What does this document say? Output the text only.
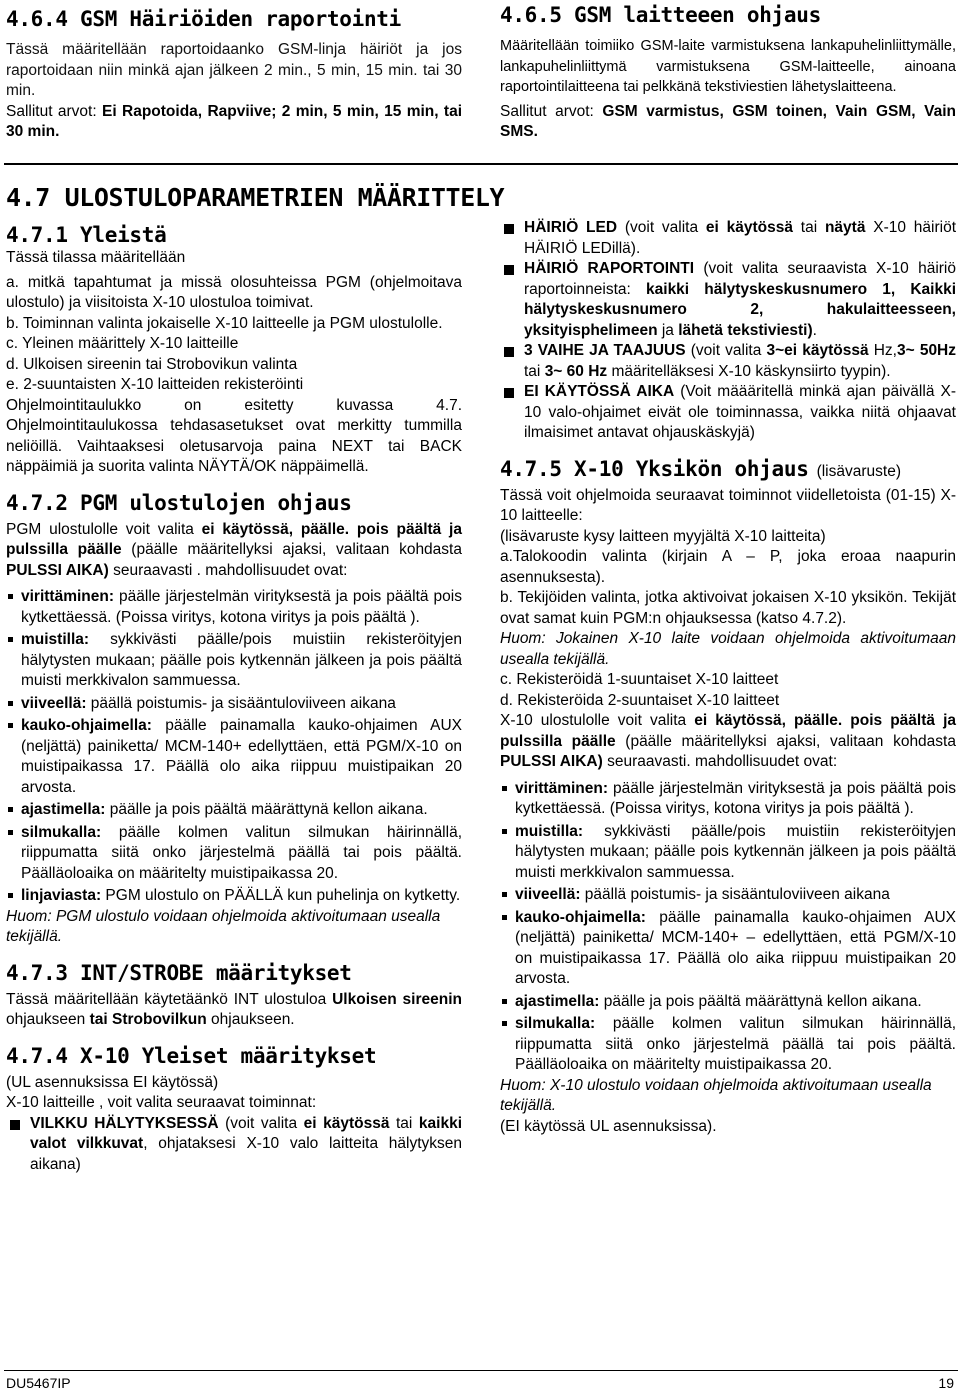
4.6.4 GSM Häiriöiden raportointi

Tässä määritellään raportoidaanko GSM-linja häiriöt ja jos raportoidaan niin minkä ajan jälkeen 2 min., 5 min, 15 min. tai 30 min.

Sallitut arvot: Ei Rapotoida, Rapviive; 2 min, 5 min, 15 min, tai 30 min.

4.6.5 GSM laitteeen ohjaus

Määritellään toimiiko GSM-laite varmistuksena lankapuhelinliittymälle, lankapuhelinliittymä varmistuksena GSM-laitteelle, ainoana raportointilaitteena tai pelkkänä tekstiviestien lähetyslaitteena.

Sallitut arvot: GSM varmistus, GSM toinen, Vain GSM, Vain SMS.

4.7 ULOSTULOPARAMETRIEN MÄÄRITTELY
4.7.1 Yleistä

Tässä tilassa määritellään

a. mitkä tapahtumat ja missä olosuhteissa PGM (ohjelmoitava ulostulo) ja viisitoista X-10 ulostuloa toimivat.

b. Toiminnan valinta jokaiselle X-10 laitteelle ja PGM ulostulolle.

c. Yleinen määrittely X-10 laitteille

d. Ulkoisen sireenin tai Strobovikun valinta

e. 2-suuntaisten X-10 laitteiden rekisteröinti

Ohjelmointitaulukko on esitetty kuvassa 4.7. Ohjelmointitaulukossa tehdasasetukset ovat merkitty tummilla neliöillä. Vaihtaaksesi oletusarvoja paina NEXT tai BACK näppäimiä ja suorita valinta NÄYTÄ/OK näppäimellä.

4.7.2 PGM ulostulojen ohjaus

PGM ulostulolle voit valita ei käytössä, päälle. pois päältä ja pulssilla päälle (päälle määritellyksi ajaksi, valitaan kohdasta PULSSI AIKA) seuraavasti . mahdollisuudet ovat:

virittäminen: päälle järjestelmän virityksestä ja pois päältä pois kytkettäessä. (Poissa viritys, kotona viritys ja pois päältä ).
muistilla: sykkivästi päälle/pois muistiin rekisteröityjen hälytysten mukaan; päälle pois kytkennän jälkeen ja pois päältä muisti merkkivalon sammuessa.
viiveellä: päällä poistumis- ja sisääntuloviiveen aikana
kauko-ohjaimella: päälle painamalla kauko-ohjaimen AUX (neljättä) painiketta/ MCM-140+ edellyttäen, että PGM/X-10 on muistipaikassa 17. Päällä olo aika riippuu muistipaikan 20 arvosta.
ajastimella: päälle ja pois päältä määrättynä kellon aikana.
silmukalla: päälle kolmen valitun silmukan häirinnällä, riippumatta siitä onko järjestelmä päällä tai pois päältä. Päälläoloaika on määritelty muistipaikassa 20.
linjaviasta: PGM ulostulo on PÄÄLLÄ kun puhelinja on kytketty.

Huom: PGM ulostulo voidaan ohjelmoida aktivoitumaan usealla tekijällä.

4.7.3 INT/STROBE määritykset

Tässä määritellään käytetäänkö INT ulostuloa Ulkoisen sireenin ohjaukseen tai Strobovilkun ohjaukseen.

4.7.4 X-10 Yleiset määritykset

(UL asennuksissa EI käytössä)

X-10 laitteille , voit valita seuraavat toiminnat:

VILKKU HÄLYTYKSESSÄ (voit valita ei käytössä tai kaikki valot vilkkuvat, ohjataksesi X-10 valo laitteita hälytyksen aikana)
HÄIRIÖ LED (voit valita ei käytössä tai näytä X-10 häiriöt HÄIRIÖ LEDillä).
HÄIRIÖ RAPORTOINTI (voit valita seuraavista X-10 häiriö raportoinneista: kaikki hälytyskeskusnumero 1, Kaikki hälytyskeskusnumero 2, hakulaitteesseen, yksityisphelimeen ja lähetä tekstiviesti).
3 VAIHE JA TAAJUUS (voit valita 3~ei käytössä Hz,3~ 50Hz tai 3~ 60 Hz määritelläksesi X-10 käskynsiirto tyypin).
EI KÄYTÖSSÄ AIKA (Voit määäritellä minkä ajan päivällä X-10 valo-ohjaimet eivät ole toiminnassa, vaikka niitä ohjaavat ilmaisimet antavat ohjauskäskyjä)
4.7.5 X-10 Yksikön ohjaus (lisävaruste)

Tässä voit ohjelmoida seuraavat toiminnot viidelletoista (01-15) X-10 laitteelle:

(lisävaruste kysy laitteen myyjältä X-10 laitteita)

a.Talokoodin valinta (kirjain A – P, joka eroaa naapurin asennuksesta).

b. Tekijöiden valinta, jotka aktivoivat jokaisen X-10 yksikön. Tekijät ovat samat kuin PGM:n ohjauksessa (katso 4.7.2).

Huom: Jokainen X-10 laite voidaan ohjelmoida aktivoitumaan usealla tekijällä.

c. Rekisteröidä 1-suuntaiset X-10 laitteet

d. Rekisteröida 2-suuntaiset X-10 laitteet

X-10 ulostulolle voit valita ei käytössä, päälle. pois päältä ja pulssilla päälle (päälle määritellyksi ajaksi, valitaan kohdasta PULSSI AIKA) seuraavasti. mahdollisuudet ovat:

virittäminen: päälle järjestelmän virityksestä ja pois päältä pois kytkettäessä. (Poissa viritys, kotona viritys ja pois päältä ).
muistilla: sykkivästi päälle/pois muistiin rekisteröityjen hälytysten mukaan; päälle pois kytkennän jälkeen ja pois päältä muisti merkkivalon sammuessa.
viiveellä: päällä poistumis- ja sisääntuloviiveen aikana
kauko-ohjaimella: päälle painamalla kauko-ohjaimen AUX (neljättä) painiketta/ MCM-140+ – edellyttäen, että PGM/X-10 on muistipaikassa 17. Päällä olo aika riippuu muistipaikan 20 arvosta.
ajastimella: päälle ja pois päältä määrättynä kellon aikana.
silmukalla: päälle kolmen valitun silmukan häirinnällä, riippumatta siitä onko järjestelmä päällä tai pois päältä. Päälläoloaika on määritelty muistipaikassa 20.

Huom: X-10 ulostulo voidaan ohjelmoida aktivoitumaan usealla tekijällä.

(EI käytössä UL asennuksissa).

DU5467IP	19
